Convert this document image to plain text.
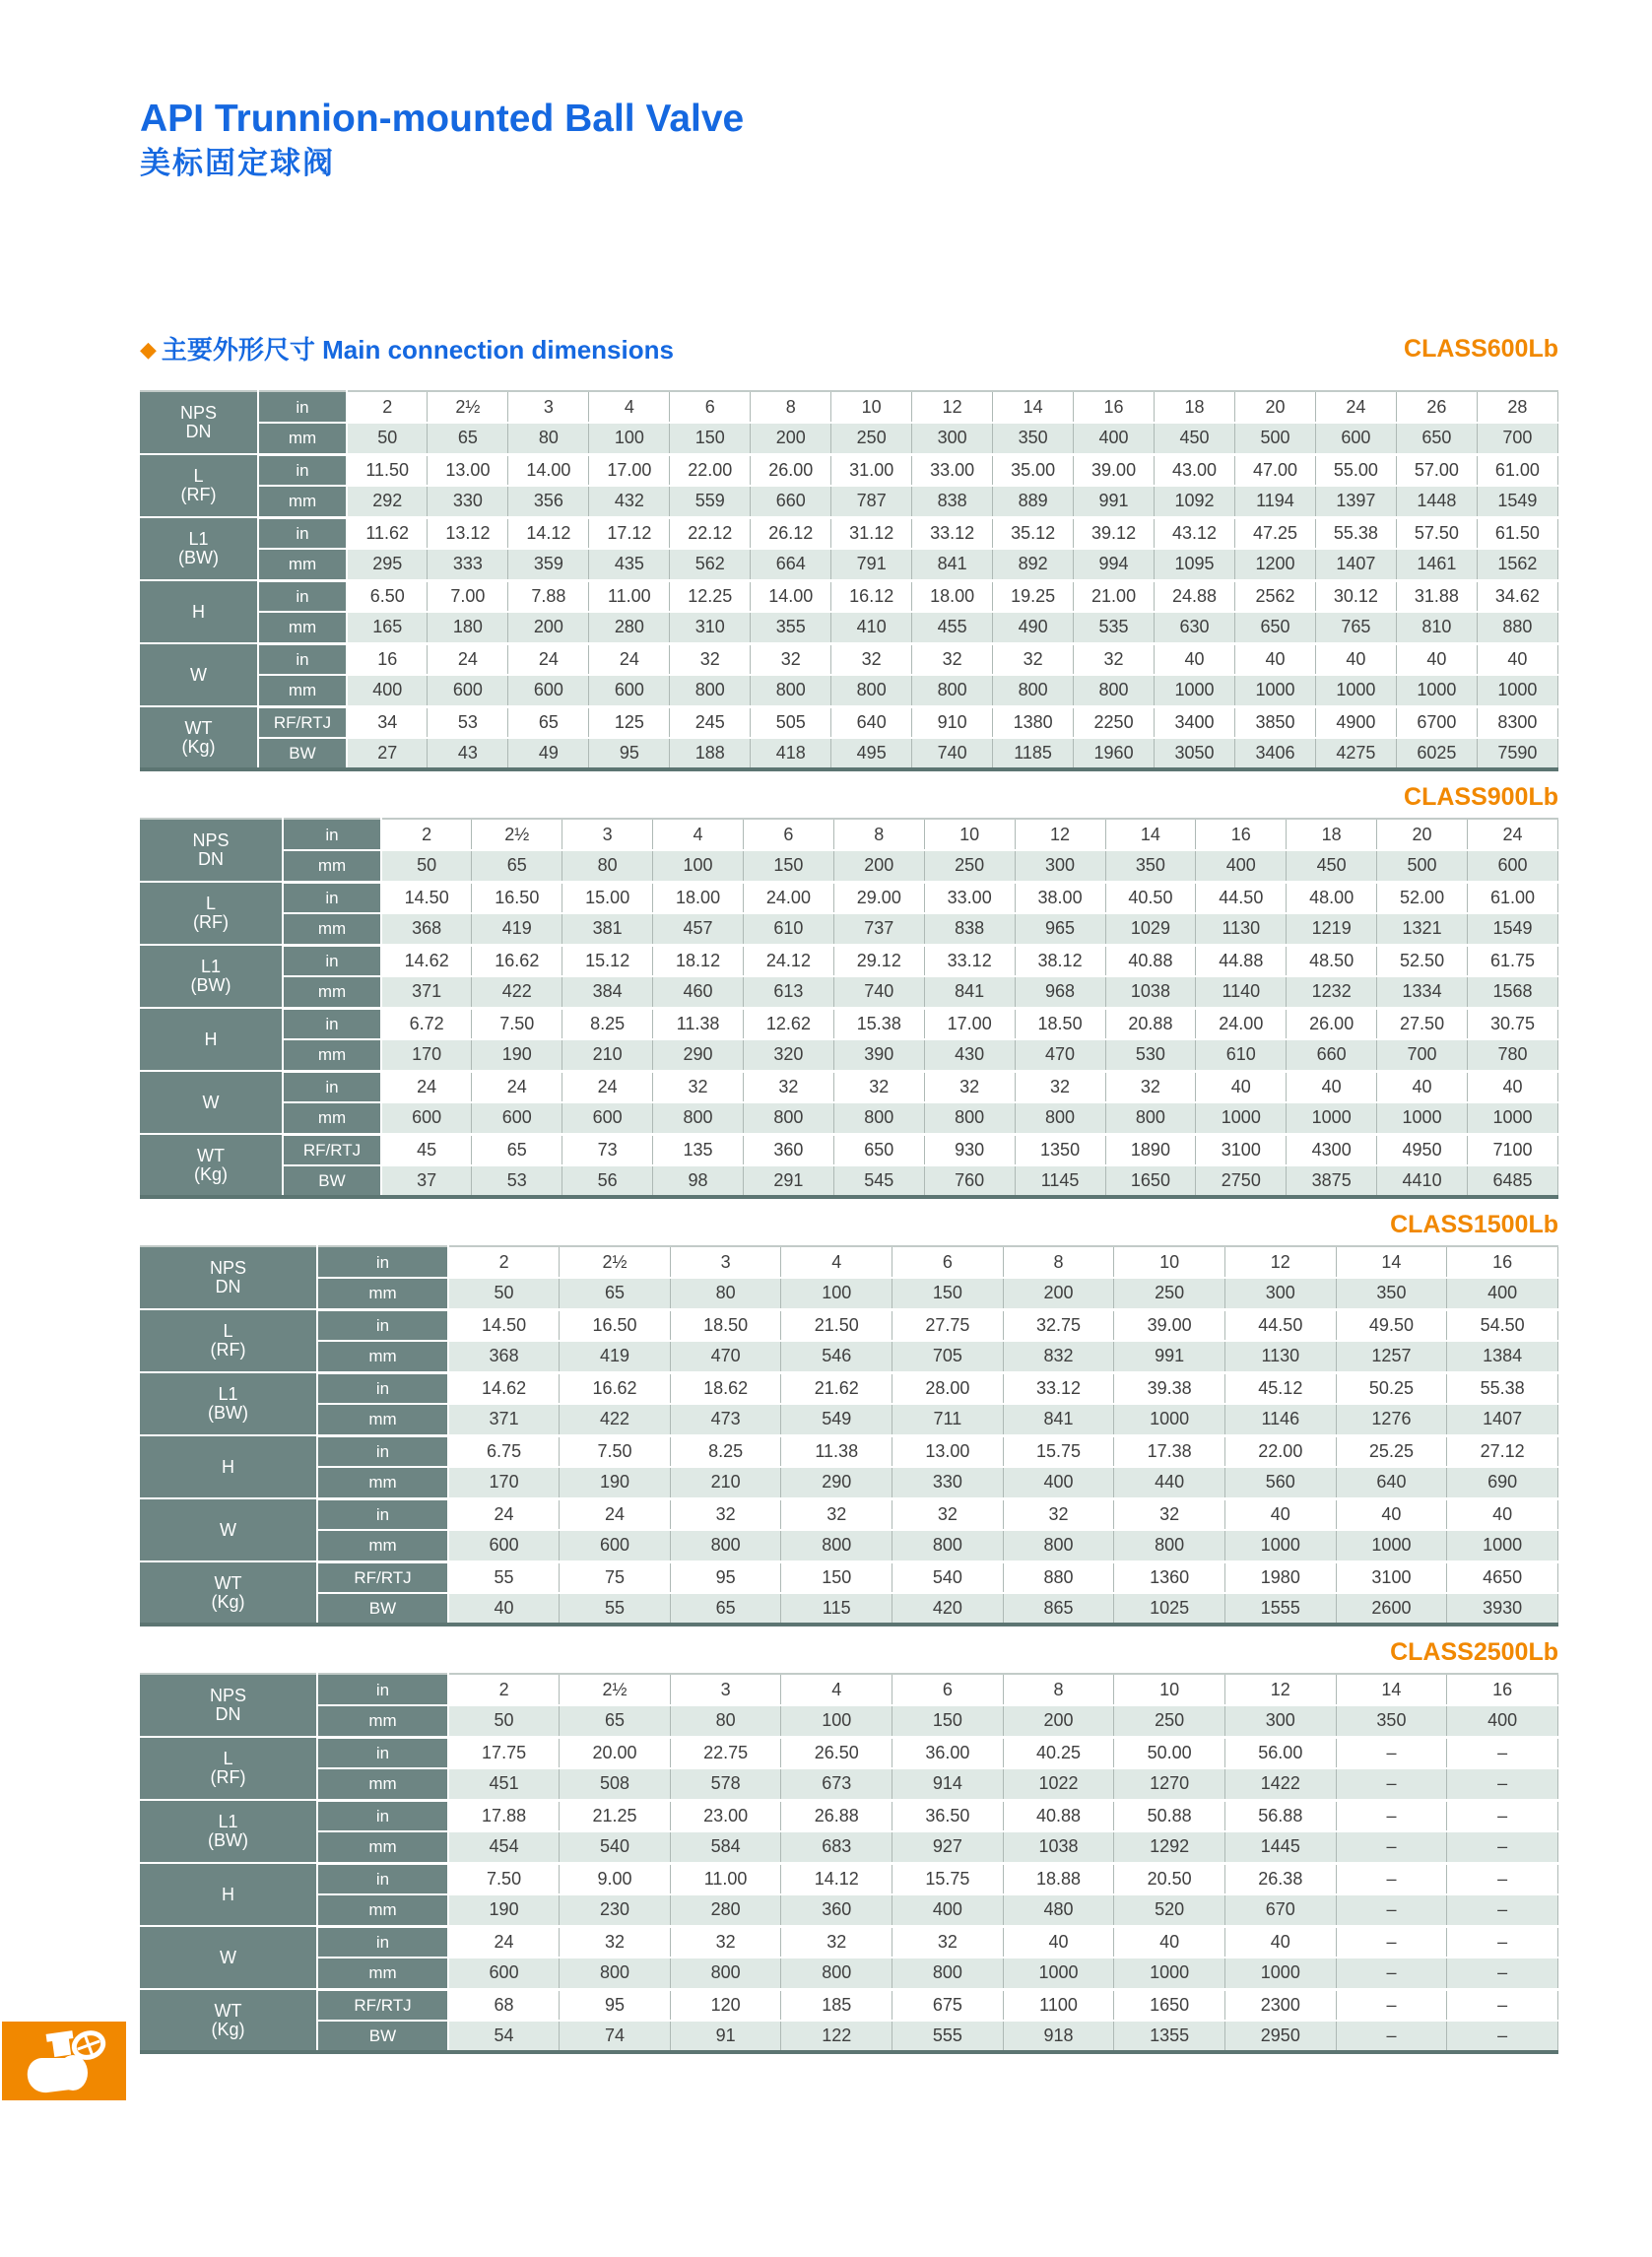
API Trunnion-mounted Ball Valve
美标固定球阀
◆ 主要外形尺寸 Main connection dimensions	CLASS600Lb
NPS
DN	in	2	2½	3	4	6	8	10	12	14	16	18	20	24	26	28
	mm	50	65	80	100	150	200	250	300	350	400	450	500	600	650	700
L
(RF)	in	11.50	13.00	14.00	17.00	22.00	26.00	31.00	33.00	35.00	39.00	43.00	47.00	55.00	57.00	61.00
	mm	292	330	356	432	559	660	787	838	889	991	1092	1194	1397	1448	1549
L1
(BW)	in	11.62	13.12	14.12	17.12	22.12	26.12	31.12	33.12	35.12	39.12	43.12	47.25	55.38	57.50	61.50
	mm	295	333	359	435	562	664	791	841	892	994	1095	1200	1407	1461	1562
H	in	6.50	7.00	7.88	11.00	12.25	14.00	16.12	18.00	19.25	21.00	24.88	2562	30.12	31.88	34.62
	mm	165	180	200	280	310	355	410	455	490	535	630	650	765	810	880
W	in	16	24	24	24	32	32	32	32	32	32	40	40	40	40	40
	mm	400	600	600	600	800	800	800	800	800	800	1000	1000	1000	1000	1000
WT
(Kg)	RF/RTJ	34	53	65	125	245	505	640	910	1380	2250	3400	3850	4900	6700	8300
	BW	27	43	49	95	188	418	495	740	1185	1960	3050	3406	4275	6025	7590
CLASS900Lb
NPS
DN	in	2	2½	3	4	6	8	10	12	14	16	18	20	24
	mm	50	65	80	100	150	200	250	300	350	400	450	500	600
L
(RF)	in	14.50	16.50	15.00	18.00	24.00	29.00	33.00	38.00	40.50	44.50	48.00	52.00	61.00
	mm	368	419	381	457	610	737	838	965	1029	1130	1219	1321	1549
L1
(BW)	in	14.62	16.62	15.12	18.12	24.12	29.12	33.12	38.12	40.88	44.88	48.50	52.50	61.75
	mm	371	422	384	460	613	740	841	968	1038	1140	1232	1334	1568
H	in	6.72	7.50	8.25	11.38	12.62	15.38	17.00	18.50	20.88	24.00	26.00	27.50	30.75
	mm	170	190	210	290	320	390	430	470	530	610	660	700	780
W	in	24	24	24	32	32	32	32	32	32	40	40	40	40
	mm	600	600	600	800	800	800	800	800	800	1000	1000	1000	1000
WT
(Kg)	RF/RTJ	45	65	73	135	360	650	930	1350	1890	3100	4300	4950	7100
	BW	37	53	56	98	291	545	760	1145	1650	2750	3875	4410	6485
CLASS1500Lb
NPS
DN	in	2	2½	3	4	6	8	10	12	14	16
	mm	50	65	80	100	150	200	250	300	350	400
L
(RF)	in	14.50	16.50	18.50	21.50	27.75	32.75	39.00	44.50	49.50	54.50
	mm	368	419	470	546	705	832	991	1130	1257	1384
L1
(BW)	in	14.62	16.62	18.62	21.62	28.00	33.12	39.38	45.12	50.25	55.38
	mm	371	422	473	549	711	841	1000	1146	1276	1407
H	in	6.75	7.50	8.25	11.38	13.00	15.75	17.38	22.00	25.25	27.12
	mm	170	190	210	290	330	400	440	560	640	690
W	in	24	24	32	32	32	32	32	40	40	40
	mm	600	600	800	800	800	800	800	1000	1000	1000
WT
(Kg)	RF/RTJ	55	75	95	150	540	880	1360	1980	3100	4650
	BW	40	55	65	115	420	865	1025	1555	2600	3930
CLASS2500Lb
NPS
DN	in	2	2½	3	4	6	8	10	12	14	16
	mm	50	65	80	100	150	200	250	300	350	400
L
(RF)	in	17.75	20.00	22.75	26.50	36.00	40.25	50.00	56.00	–	–
	mm	451	508	578	673	914	1022	1270	1422	–	–
L1
(BW)	in	17.88	21.25	23.00	26.88	36.50	40.88	50.88	56.88	–	–
	mm	454	540	584	683	927	1038	1292	1445	–	–
H	in	7.50	9.00	11.00	14.12	15.75	18.88	20.50	26.38	–	–
	mm	190	230	280	360	400	480	520	670	–	–
W	in	24	32	32	32	32	40	40	40	–	–
	mm	600	800	800	800	800	1000	1000	1000	–	–
WT
(Kg)	RF/RTJ	68	95	120	185	675	1100	1650	2300	–	–
	BW	54	74	91	122	555	918	1355	2950	–	–
